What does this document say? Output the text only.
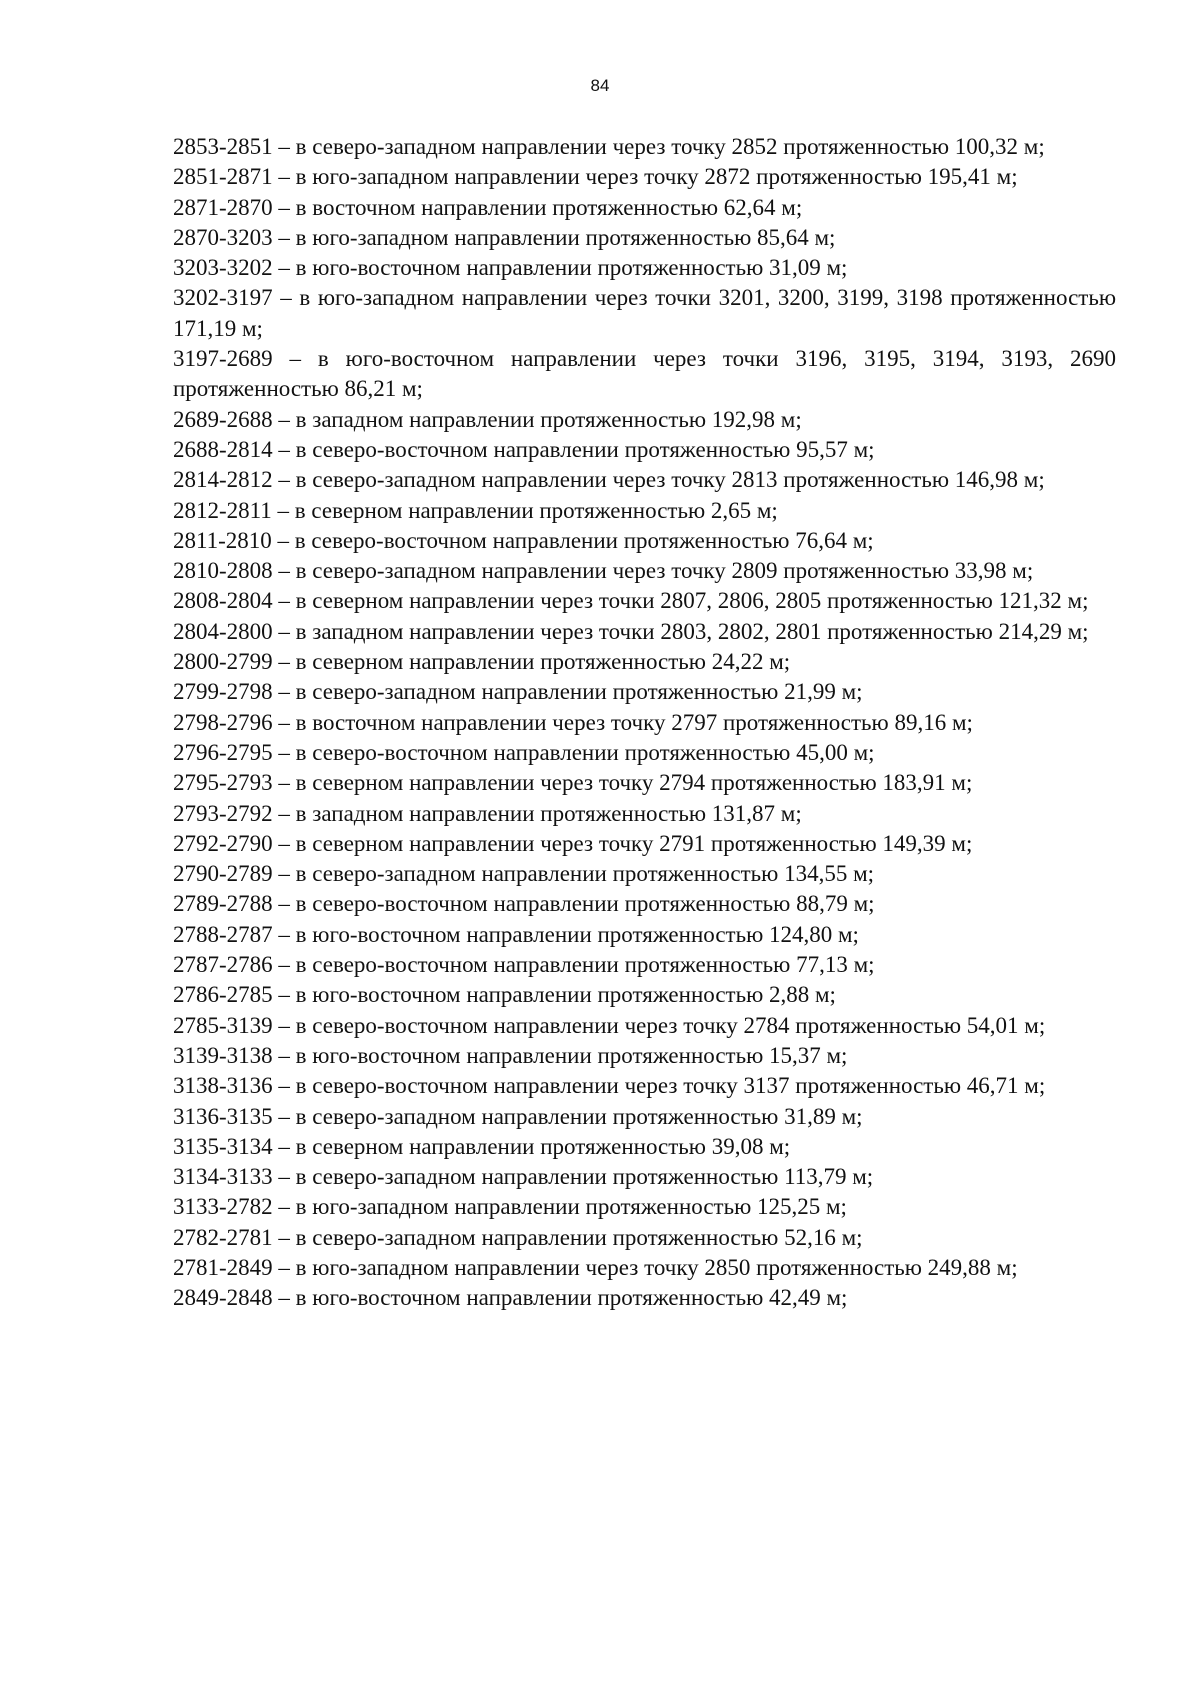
84

2853-2851 – в северо-западном направлении через точку 2852 протяженностью 100,32 м;

2851-2871 – в юго-западном направлении через точку 2872 протяженностью 195,41 м;

2871-2870 – в восточном направлении протяженностью 62,64 м;

2870-3203 – в юго-западном направлении протяженностью 85,64 м;

3203-3202 – в юго-восточном направлении протяженностью 31,09 м;

3202-3197 – в юго-западном направлении через точки 3201, 3200, 3199, 3198 протяженностью 171,19 м;

3197-2689 – в юго-восточном направлении через точки 3196, 3195, 3194, 3193, 2690 протяженностью 86,21 м;

2689-2688 – в западном направлении протяженностью 192,98 м;

2688-2814 – в северо-восточном направлении протяженностью 95,57 м;

2814-2812 – в северо-западном направлении через точку 2813 протяженностью 146,98 м;

2812-2811 – в северном направлении протяженностью 2,65 м;

2811-2810 – в северо-восточном направлении протяженностью 76,64 м;

2810-2808 – в северо-западном направлении через точку 2809 протяженностью 33,98 м;

2808-2804 – в северном направлении через точки 2807, 2806, 2805 протяженностью 121,32 м;

2804-2800 – в западном направлении через точки 2803, 2802, 2801 протяженностью 214,29 м;

2800-2799 – в северном направлении протяженностью 24,22 м;

2799-2798 – в северо-западном направлении протяженностью 21,99 м;

2798-2796 – в восточном направлении через точку 2797 протяженностью 89,16 м;

2796-2795 – в северо-восточном направлении протяженностью 45,00 м;

2795-2793 – в северном направлении через точку 2794 протяженностью 183,91 м;

2793-2792 – в западном направлении протяженностью 131,87 м;

2792-2790 – в северном направлении через точку 2791 протяженностью 149,39 м;

2790-2789 – в северо-западном направлении протяженностью 134,55 м;

2789-2788 – в северо-восточном направлении протяженностью 88,79 м;

2788-2787 – в юго-восточном направлении протяженностью 124,80 м;

2787-2786 – в северо-восточном направлении протяженностью 77,13 м;

2786-2785 – в юго-восточном направлении протяженностью 2,88 м;

2785-3139 – в северо-восточном направлении через точку 2784 протяженностью 54,01 м;

3139-3138 – в юго-восточном направлении протяженностью 15,37 м;

3138-3136 – в северо-восточном направлении через точку 3137 протяженностью 46,71 м;

3136-3135 – в северо-западном направлении протяженностью 31,89 м;

3135-3134 – в северном направлении протяженностью 39,08 м;

3134-3133 – в северо-западном направлении протяженностью 113,79 м;

3133-2782 – в юго-западном направлении протяженностью 125,25 м;

2782-2781 – в северо-западном направлении протяженностью 52,16 м;

2781-2849 – в юго-западном направлении через точку 2850 протяженностью 249,88 м;

2849-2848 – в юго-восточном направлении протяженностью 42,49 м;
